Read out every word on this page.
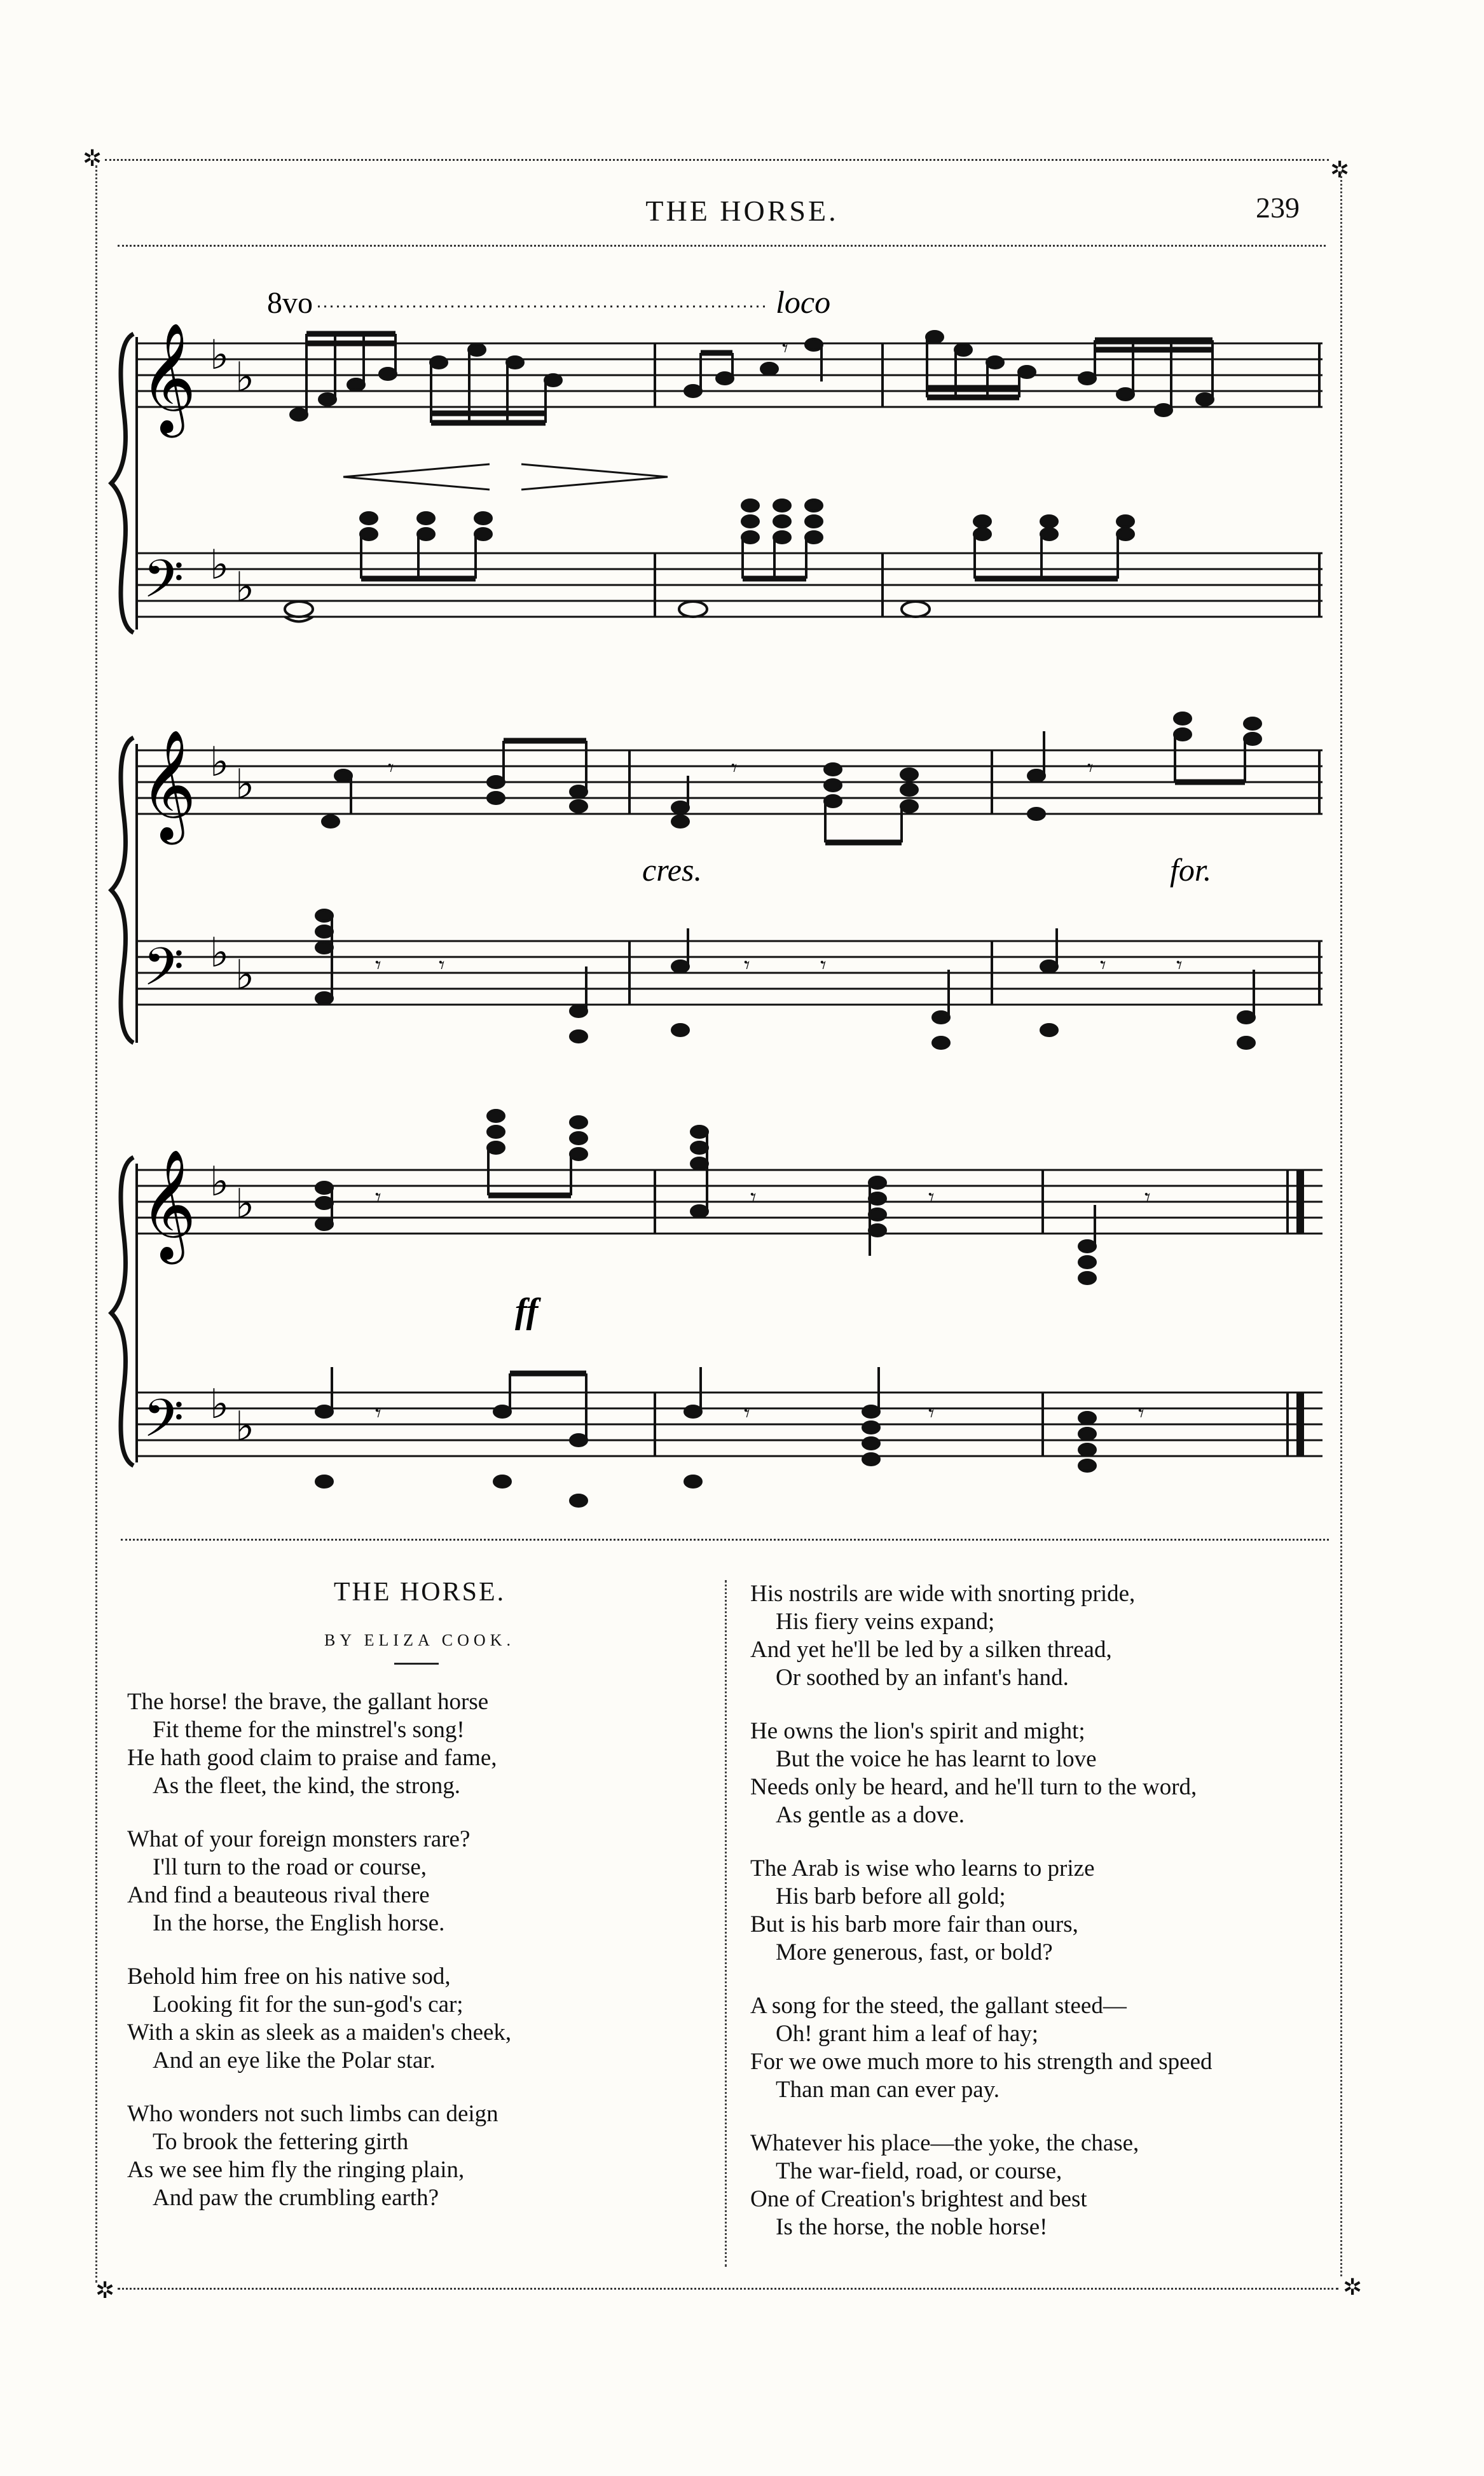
✲	✲
✲	✲
THE HORSE.	239
8vo	loco
𝄞 ♭ ♭
𝄢 ♭ ♭
𝄾
𝄞 ♭ ♭
𝄢 ♭ ♭
𝄾	𝄾	𝄾
cres.	for.
𝄾	𝄾	𝄾	𝄾	𝄾	𝄾
𝄞 ♭ ♭
𝄢 ♭ ♭
𝄾	𝄾	𝄾	𝄾
ff
𝄾	𝄾	𝄾	𝄾
THE HORSE.
BY ELIZA COOK.
The horse! the brave, the gallant horse
Fit theme for the minstrel's song!
He hath good claim to praise and fame,
As the fleet, the kind, the strong.
What of your foreign monsters rare?
I'll turn to the road or course,
And find a beauteous rival there
In the horse, the English horse.
Behold him free on his native sod,
Looking fit for the sun-god's car;
With a skin as sleek as a maiden's cheek,
And an eye like the Polar star.
Who wonders not such limbs can deign
To brook the fettering girth
As we see him fly the ringing plain,
And paw the crumbling earth?
His nostrils are wide with snorting pride,
His fiery veins expand;
And yet he'll be led by a silken thread,
Or soothed by an infant's hand.
He owns the lion's spirit and might;
But the voice he has learnt to love
Needs only be heard, and he'll turn to the word,
As gentle as a dove.
The Arab is wise who learns to prize
His barb before all gold;
But is his barb more fair than ours,
More generous, fast, or bold?
A song for the steed, the gallant steed—
Oh! grant him a leaf of hay;
For we owe much more to his strength and speed
Than man can ever pay.
Whatever his place—the yoke, the chase,
The war-field, road, or course,
One of Creation's brightest and best
Is the horse, the noble horse!
